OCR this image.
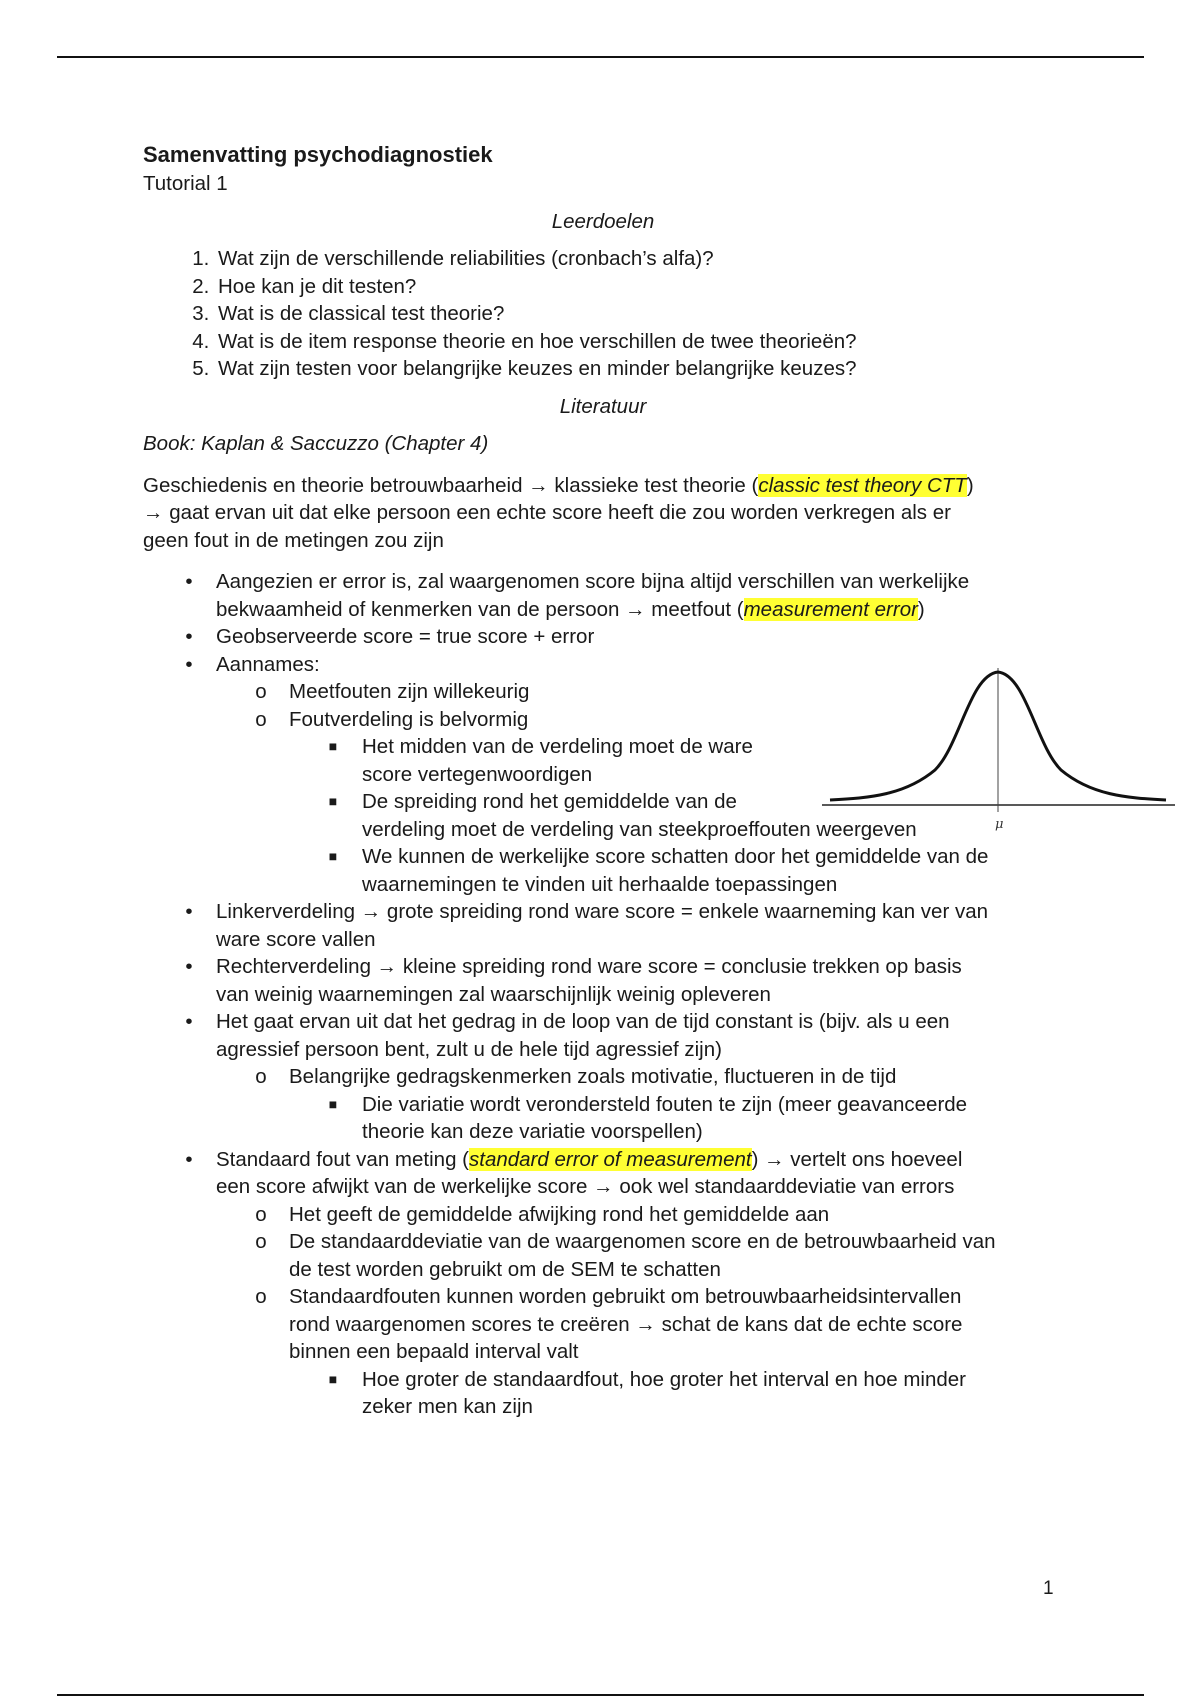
Samenvatting psychodiagnostiek

Tutorial 1

Leerdoelen

1. Wat zijn de verschillende reliabilities (cronbach’s alfa)?
2. Hoe kan je dit testen?
3. Wat is de classical test theorie?
4. Wat is de item response theorie en hoe verschillen de twee theorieën?
5. Wat zijn testen voor belangrijke keuzes en minder belangrijke keuzes?

Literatuur

Book: Kaplan & Saccuzzo (Chapter 4)

Geschiedenis en theorie betrouwbaarheid → klassieke test theorie (classic test theory CTT)
→ gaat ervan uit dat elke persoon een echte score heeft die zou worden verkregen als er
geen fout in de metingen zou zijn

•	Aangezien er error is, zal waargenomen score bijna altijd verschillen van werkelijke
bekwaamheid of kenmerken van de persoon → meetfout (measurement error)
•	Geobserveerde score = true score + error
•	Aannames:
o Meetfouten zijn willekeurig
o Foutverdeling is belvormig
■ Het midden van de verdeling moet de ware
score vertegenwoordigen
■ De spreiding rond het gemiddelde van de
verdeling moet de verdeling van steekproeffouten weergeven
■ We kunnen de werkelijke score schatten door het gemiddelde van de
waarnemingen te vinden uit herhaalde toepassingen
•	Linkerverdeling → grote spreiding rond ware score = enkele waarneming kan ver van
ware score vallen
•	Rechterverdeling → kleine spreiding rond ware score = conclusie trekken op basis
van weinig waarnemingen zal waarschijnlijk weinig opleveren
•	Het gaat ervan uit dat het gedrag in de loop van de tijd constant is (bijv. als u een
agressief persoon bent, zult u de hele tijd agressief zijn)
o Belangrijke gedragskenmerken zoals motivatie, fluctueren in de tijd
■ Die variatie wordt verondersteld fouten te zijn (meer geavanceerde
theorie kan deze variatie voorspellen)
•	Standaard fout van meting (standard error of measurement) → vertelt ons hoeveel
een score afwijkt van de werkelijke score → ook wel standaarddeviatie van errors
o Het geeft de gemiddelde afwijking rond het gemiddelde aan
o De standaarddeviatie van de waargenomen score en de betrouwbaarheid van
de test worden gebruikt om de SEM te schatten
o Standaardfouten kunnen worden gebruikt om betrouwbaarheidsintervallen
rond waargenomen scores te creëren → schat de kans dat de echte score
binnen een bepaald interval valt
■ Hoe groter de standaardfout, hoe groter het interval en hoe minder
zeker men kan zijn
μ
1
